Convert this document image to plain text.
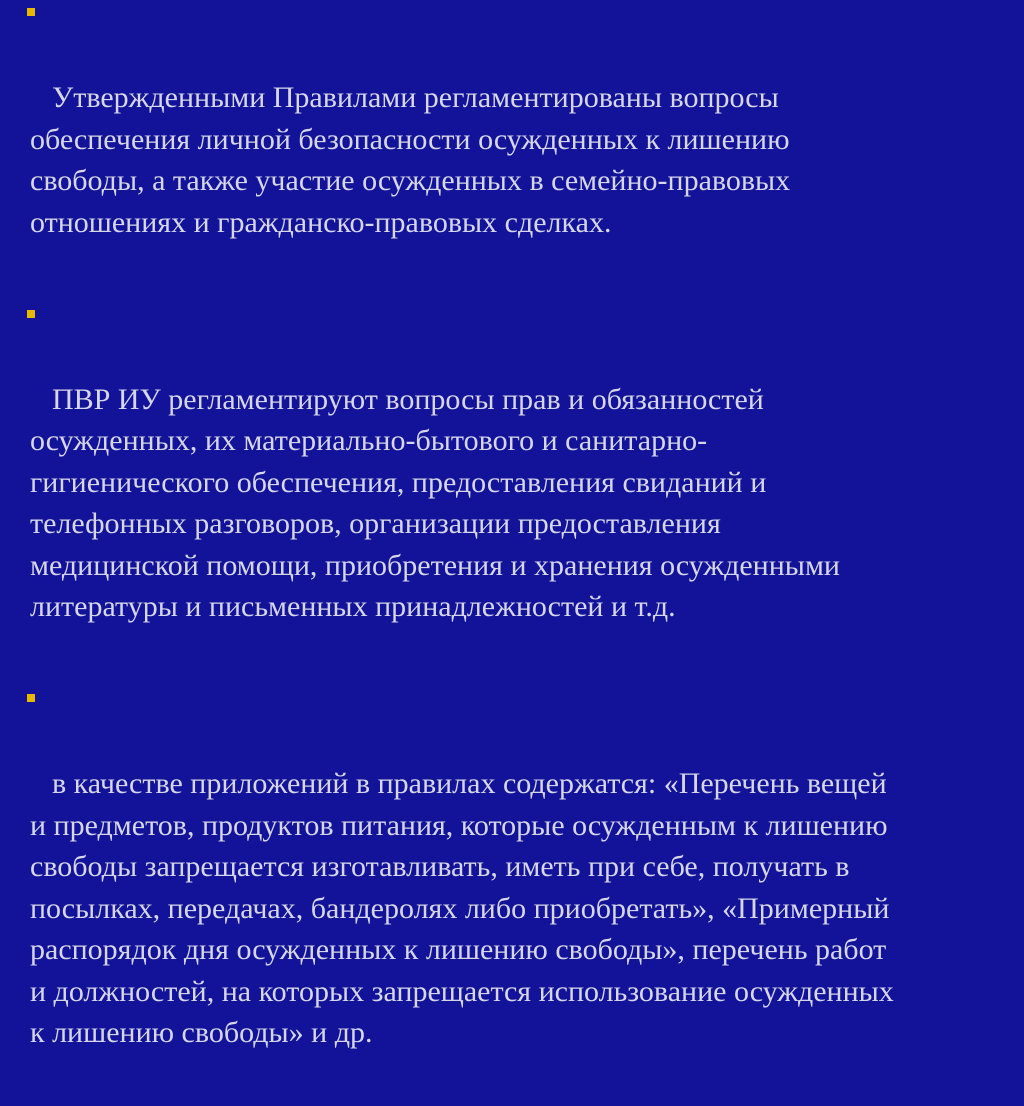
Утвержденными Правилами регламентированы вопросы
обеспечения личной безопасности осужденных к лишению
свободы, а также участие осужденных в семейно-правовых
отношениях и гражданско-правовых сделках.

ПВР ИУ регламентируют вопросы прав и обязанностей
осужденных, их материально-бытового и санитарно-
гигиенического обеспечения, предоставления свиданий и
телефонных разговоров, организации предоставления
медицинской помощи, приобретения и хранения осужденными
литературы и письменных принадлежностей и т.д.

в качестве приложений в правилах содержатся: «Перечень вещей
и предметов, продуктов питания, которые осужденным к лишению
свободы запрещается изготавливать, иметь при себе, получать в
посылках, передачах, бандеролях либо приобретать», «Примерный
распорядок дня осужденных к лишению свободы», перечень работ
и должностей, на которых запрещается использование осужденных
к лишению свободы» и др.
